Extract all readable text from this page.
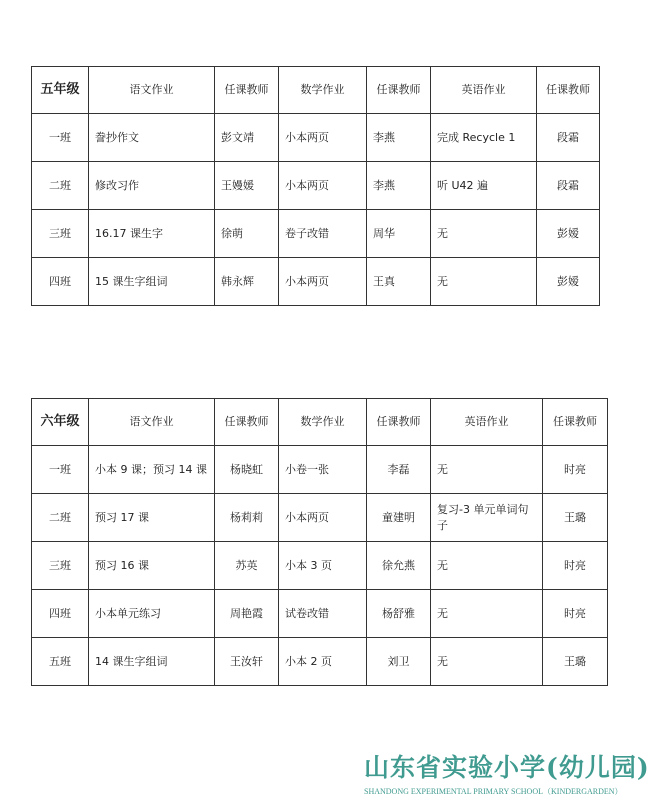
五年级	语文作业	任课教师	数学作业	任课教师	英语作业	任课教师
一班	誊抄作文	彭文靖	小本两页	李燕	完成 Recycle 1	段霜
二班	修改习作	王嫚媛	小本两页	李燕	听 U42 遍	段霜
三班	16.17 课生字	徐萌	卷子改错	周华	无	彭嫒
四班	15 课生字组词	韩永辉	小本两页	王真	无	彭嫒
六年级	语文作业	任课教师	数学作业	任课教师	英语作业	任课教师
一班	小本 9 课；预习 14 课	杨晓虹	小卷一张	李磊	无	时亮
二班	预习 17 课	杨莉莉	小本两页	童建明	复习-3 单元单词句子	王璐
三班	预习 16 课	苏英	小本 3 页	徐允燕	无	时亮
四班	小本单元练习	周艳霞	试卷改错	杨舒雅	无	时亮
五班	14 课生字组词	王汝轩	小本 2 页	刘卫	无	王璐
山东省实验小学(幼儿园)
SHANDONG EXPERIMENTAL PRIMARY SCHOOL（KINDERGARDEN）
